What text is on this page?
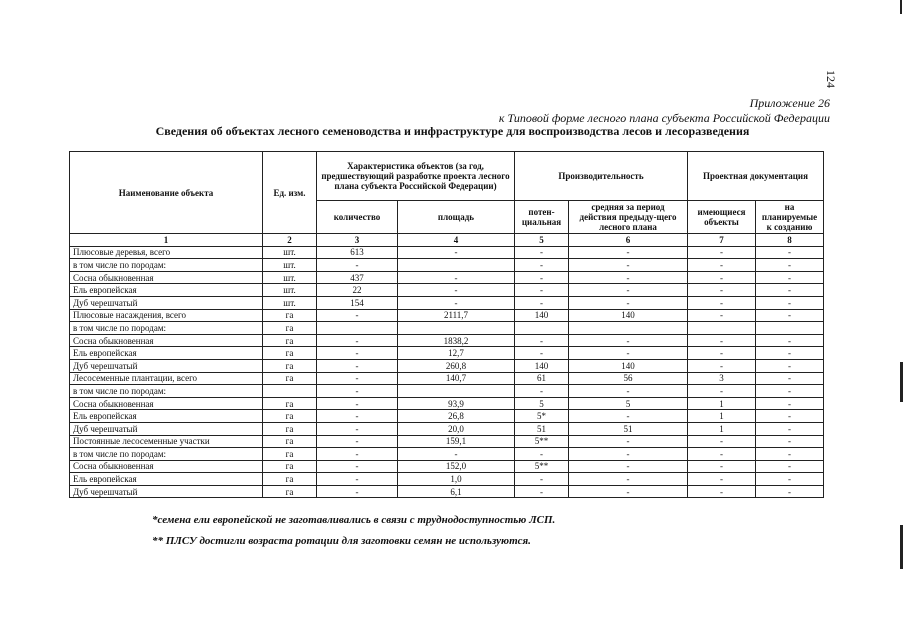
124
Приложение 26
к Типовой форме лесного плана субъекта Российской Федерации
Сведения об объектах лесного семеноводства и инфраструктуре для воспроизводства лесов и лесоразведения
Наименование объекта	Ед. изм.	Характеристика объектов (за год, предшествующий разработке проекта лесного плана субъекта Российской Федерации)		Производительность		Проектная документация	
		количество	площадь	потен-циальная	средняя за период действия предыду-щего лесного плана	имеющиеся объекты	на планируемые к созданию
1	2	3	4	5	6	7	8
Плюсовые деревья, всего	шт.	613	-	-	-	-	-
в том числе по породам:	шт.	-		-	-	-	-
Сосна обыкновенная	шт.	437	-	-	-	-	-
Ель европейская	шт.	22	-	-	-	-	-
Дуб черешчатый	шт.	154	-	-	-	-	-
Плюсовые насаждения, всего	га	-	2111,7	140	140	-	-
в том числе по породам:	га						
Сосна обыкновенная	га	-	1838,2	-	-	-	-
Ель европейская	га	-	12,7	-	-	-	-
Дуб черешчатый	га	-	260,8	140	140	-	-
Лесосеменные плантации, всего	га	-	140,7	61	56	3	-
в том числе по породам:		-		-	-	-	-
Сосна обыкновенная	га	-	93,9	5	5	1	-
Ель европейская	га	-	26,8	5*	-	1	-
Дуб черешчатый	га	-	20,0	51	51	1	-
Постоянные лесосеменные участки	га	-	159,1	5**	-	-	-
в том числе по породам:	га	-	-	-	-	-	-
Сосна обыкновенная	га	-	152,0	5**	-	-	-
Ель европейская	га	-	1,0	-	-	-	-
Дуб черешчатый	га	-	6,1	-	-	-	-
*семена ели европейской не заготавливались в связи с труднодоступностью ЛСП.
** ПЛСУ достигли возраста ротации для заготовки семян не используются.
